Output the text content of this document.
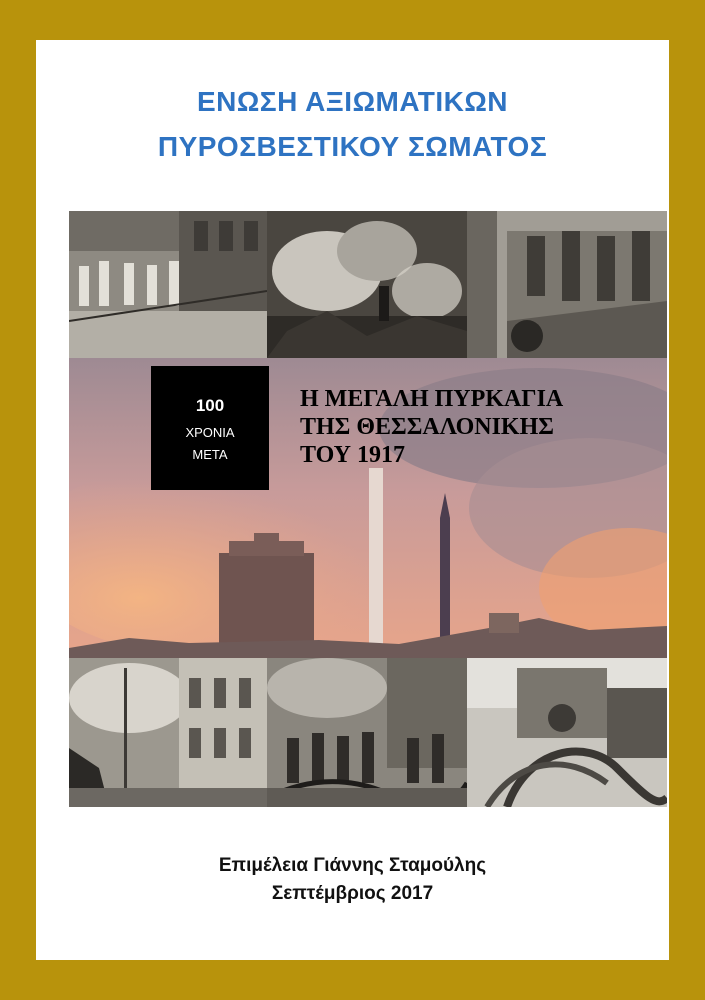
ΕΝΩΣΗ ΑΞΙΩΜΑΤΙΚΩΝ
ΠΥΡΟΣΒΕΣΤΙΚΟΥ ΣΩΜΑΤΟΣ
100
ΧΡΟΝΙΑ
ΜΕΤΑ
Η ΜΕΓΑΛΗ ΠΥΡΚΑΓΙΑ
ΤΗΣ ΘΕΣΣΑΛΟΝΙΚΗΣ
ΤΟΥ 1917
Επιμέλεια Γιάννης Σταμούλης
Σεπτέμβριος 2017
